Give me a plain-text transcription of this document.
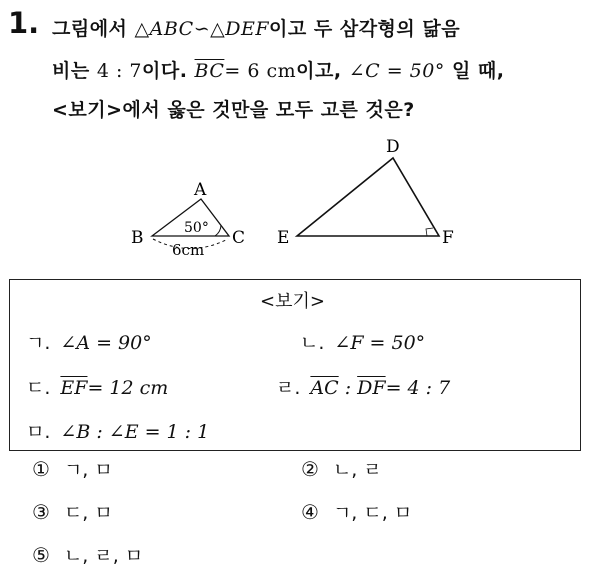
1. 그림에서 △ABC∽△DEF이고 두 삼각형의 닮음
비는 4 : 7이다. $\overline{BC}= 6$ cm이고, ∠C = 50° 일 때,
<보기>에서 옳은 것만을 모두 고른 것은?
A
B	C
50°
6cm
D
E	F
<보기>
ㄱ. ∠A = 90°	ㄴ. ∠F = 50°
ㄷ. $\overline{EF}= 12$ cm	ㄹ. $\overline{AC}$ : $\overline{DF}= 4$ : 7
ㅁ. ∠B : ∠E = 1 : 1
① ㄱ, ㅁ	② ㄴ, ㄹ
③ ㄷ, ㅁ	④ ㄱ, ㄷ, ㅁ
⑤ ㄴ, ㄹ, ㅁ
